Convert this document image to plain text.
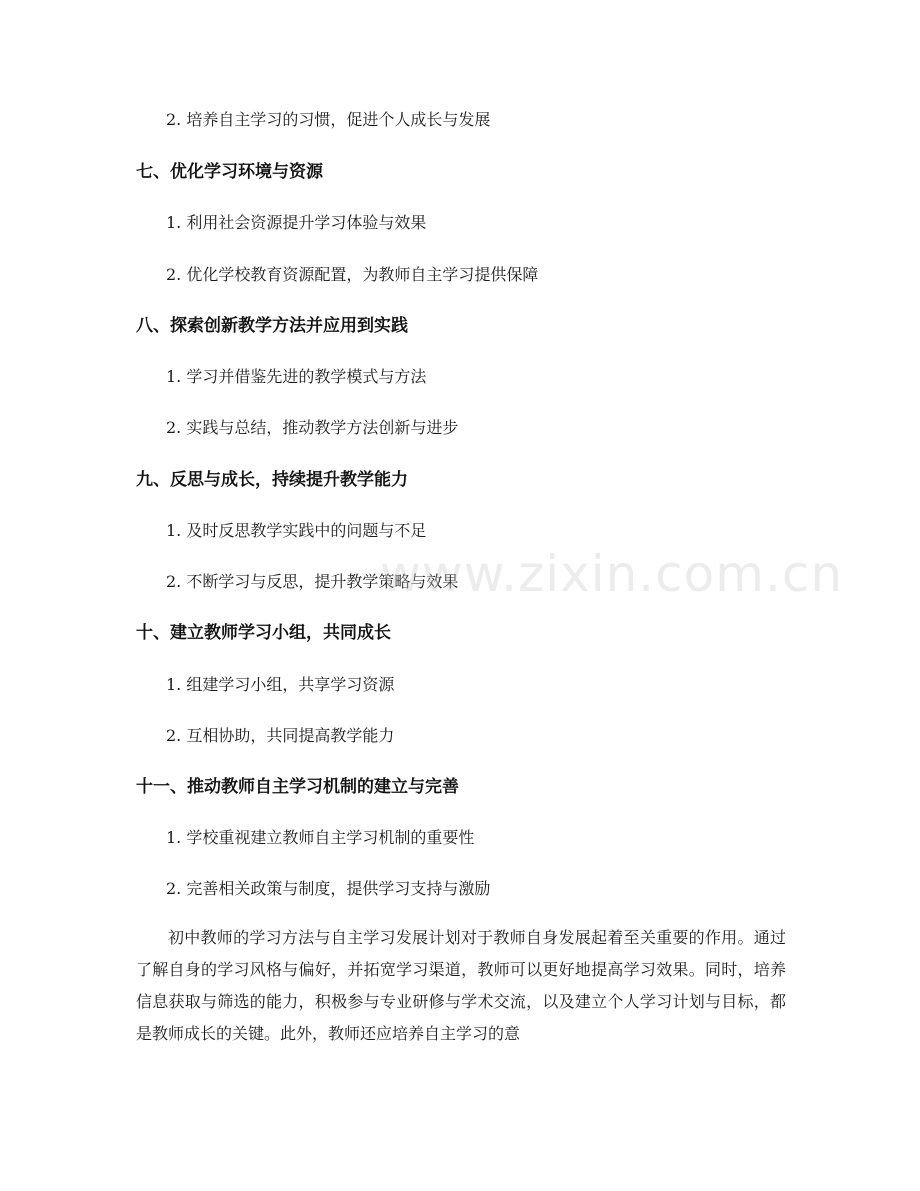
2. 培养自主学习的习惯，促进个人成长与发展
七、优化学习环境与资源
1. 利用社会资源提升学习体验与效果
2. 优化学校教育资源配置，为教师自主学习提供保障
八、探索创新教学方法并应用到实践
1. 学习并借鉴先进的教学模式与方法
2. 实践与总结，推动教学方法创新与进步
九、反思与成长，持续提升教学能力
1. 及时反思教学实践中的问题与不足
2. 不断学习与反思，提升教学策略与效果
十、建立教师学习小组，共同成长
1. 组建学习小组，共享学习资源
2. 互相协助，共同提高教学能力
十一、推动教师自主学习机制的建立与完善
1. 学校重视建立教师自主学习机制的重要性
2. 完善相关政策与制度，提供学习支持与激励

初中教师的学习方法与自主学习发展计划对于教师自身发展起着至关重要的作用。通过了解自身的学习风格与偏好，并拓宽学习渠道，教师可以更好地提高学习效果。同时，培养信息获取与筛选的能力，积极参与专业研修与学术交流，以及建立个人学习计划与目标，都是教师成长的关键。此外，教师还应培养自主学习的意

www.zixin.com.cn
